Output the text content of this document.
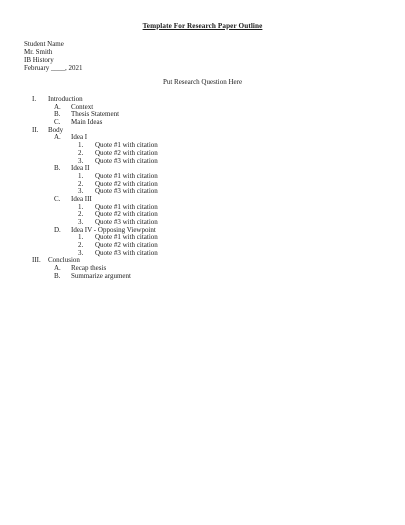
Template For Research Paper Outline
Student Name
Mr. Smith
IB History
February ____, 2021
Put Research Question Here
I. Introduction
A. Context
B. Thesis Statement
C. Main Ideas
II. Body
A. Idea I
1. Quote #1 with citation
2. Quote #2 with citation
3. Quote #3 with citation
B. Idea II
1. Quote #1 with citation
2. Quote #2 with citation
3. Quote #3 with citation
C. Idea III
1. Quote #1 with citation
2. Quote #2 with citation
3. Quote #3 with citation
D. Idea IV - Opposing Viewpoint
1. Quote #1 with citation
2. Quote #2 with citation
3. Quote #3 with citation
III. Conclusion
A. Recap thesis
B. Summarize argument
